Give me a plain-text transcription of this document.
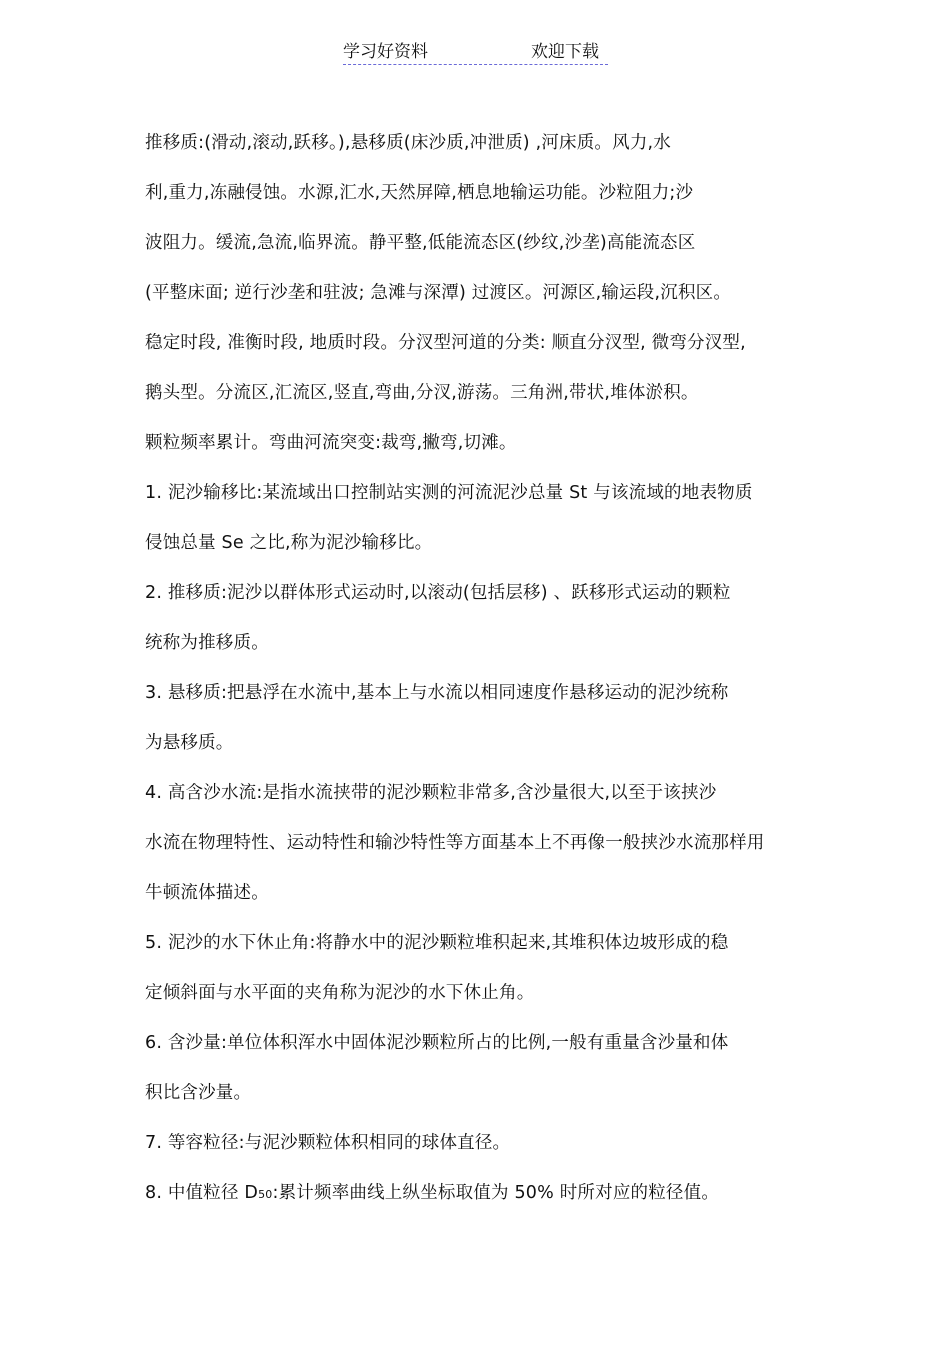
学习好资料	欢迎下载
推移质:(滑动,滚动,跃移。),悬移质(床沙质,冲泄质) ,河床质。风力,水
利,重力,冻融侵蚀。水源,汇水,天然屏障,栖息地输运功能。沙粒阻力;沙
波阻力。缓流,急流,临界流。静平整,低能流态区(纱纹,沙垄)高能流态区
(平整床面; 逆行沙垄和驻波; 急滩与深潭) 过渡区。河源区,输运段,沉积区。
稳定时段, 准衡时段, 地质时段。分汊型河道的分类: 顺直分汊型, 微弯分汊型,
鹅头型。分流区,汇流区,竖直,弯曲,分汊,游荡。三角洲,带状,堆体淤积。
颗粒频率累计。弯曲河流突变:裁弯,撇弯,切滩。
1. 泥沙输移比:某流域出口控制站实测的河流泥沙总量 St 与该流域的地表物质
侵蚀总量 Se 之比,称为泥沙输移比。
2. 推移质:泥沙以群体形式运动时,以滚动(包括层移) 、跃移形式运动的颗粒
统称为推移质。
3. 悬移质:把悬浮在水流中,基本上与水流以相同速度作悬移运动的泥沙统称
为悬移质。
4. 高含沙水流:是指水流挟带的泥沙颗粒非常多,含沙量很大,以至于该挟沙
水流在物理特性、运动特性和输沙特性等方面基本上不再像一般挟沙水流那样用
牛顿流体描述。
5. 泥沙的水下休止角:将静水中的泥沙颗粒堆积起来,其堆积体边坡形成的稳
定倾斜面与水平面的夹角称为泥沙的水下休止角。
6. 含沙量:单位体积浑水中固体泥沙颗粒所占的比例,一般有重量含沙量和体
积比含沙量。
7. 等容粒径:与泥沙颗粒体积相同的球体直径。
8. 中值粒径 D50:累计频率曲线上纵坐标取值为 50% 时所对应的粒径值。
